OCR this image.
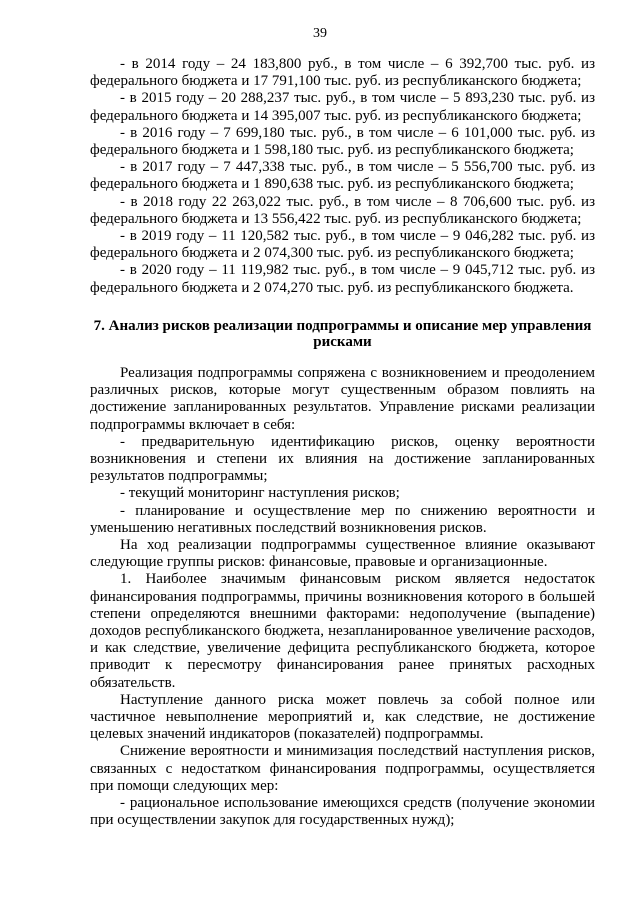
39

- в 2014 году – 24 183,800 руб., в том числе – 6 392,700 тыс. руб. из федерального бюджета и 17 791,100 тыс. руб. из республиканского бюджета;

- в 2015 году – 20 288,237 тыс. руб., в том числе – 5 893,230 тыс. руб. из федерального бюджета и 14 395,007 тыс. руб. из республиканского бюджета;

- в 2016 году – 7 699,180 тыс. руб., в том числе – 6 101,000 тыс. руб. из федерального бюджета и 1 598,180 тыс. руб. из республиканского бюджета;

- в 2017 году – 7 447,338 тыс. руб., в том числе – 5 556,700 тыс. руб. из федерального бюджета и 1 890,638 тыс. руб. из республиканского бюджета;

- в 2018 году 22 263,022 тыс. руб., в том числе – 8 706,600 тыс. руб. из федерального бюджета и 13 556,422 тыс. руб. из республиканского бюджета;

- в 2019 году – 11 120,582 тыс. руб., в том числе – 9 046,282 тыс. руб. из федерального бюджета и 2 074,300 тыс. руб. из республиканского бюджета;

- в 2020 году – 11 119,982 тыс. руб., в том числе – 9 045,712 тыс. руб. из федерального бюджета и 2 074,270 тыс. руб. из республиканского бюджета.

7. Анализ рисков реализации подпрограммы и описание мер управления рисками

Реализация подпрограммы сопряжена с возникновением и преодолением различных рисков, которые могут существенным образом повлиять на достижение запланированных результатов. Управление рисками реализации подпрограммы включает в себя:

- предварительную идентификацию рисков, оценку вероятности возникновения и степени их влияния на достижение запланированных результатов подпрограммы;

- текущий мониторинг наступления рисков;

- планирование и осуществление мер по снижению вероятности и уменьшению негативных последствий возникновения рисков.

На ход реализации подпрограммы существенное влияние оказывают следующие группы рисков: финансовые, правовые и организационные.

1. Наиболее значимым финансовым риском является недостаток финансирования подпрограммы, причины возникновения которого в большей степени определяются внешними факторами: недополучение (выпадение) доходов республиканского бюджета, незапланированное увеличение расходов, и как следствие, увеличение дефицита республиканского бюджета, которое приводит к пересмотру финансирования ранее принятых расходных обязательств.

Наступление данного риска может повлечь за собой полное или частичное невыполнение мероприятий и, как следствие, не достижение целевых значений индикаторов (показателей) подпрограммы.

Снижение вероятности и минимизация последствий наступления рисков, связанных с недостатком финансирования подпрограммы, осуществляется при помощи следующих мер:

- рациональное использование имеющихся средств (получение экономии при осуществлении закупок для государственных нужд);
